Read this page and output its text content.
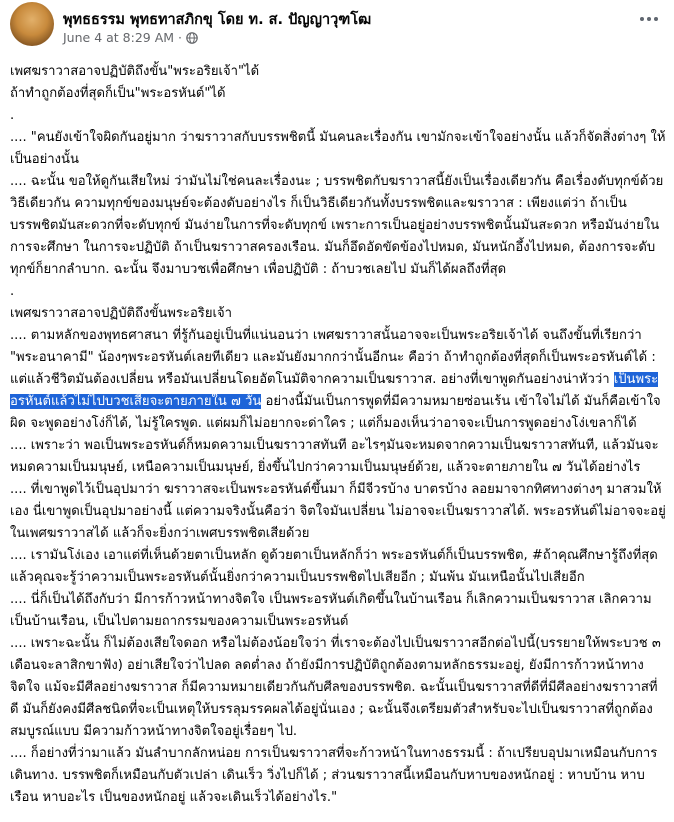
พุทธธรรม พุทธทาสภิกขุ โดย ท. ส. ปัญญาวุฑโฒ
June 4 at 8:29 AM ·

เพศฆราวาสอาจปฏิบัติถึงขั้น"พระอริยเจ้า"ได้

ถ้าทำถูกต้องที่สุดก็เป็น"พระอรหันต์"ได้

.

.... "คนยังเข้าใจผิดกันอยู่มาก ว่าฆราวาสกับบรรพชิตนี้ มันคนละเรื่องกัน เขามักจะเข้าใจอย่างนั้น แล้วก็จัดสิ่งต่างๆ ให้เป็นอย่างนั้น

.... ฉะนั้น ขอให้ดูกันเสียใหม่ ว่ามันไม่ใช่คนละเรื่องนะ ; บรรพชิตกับฆราวาสนี้ยังเป็นเรื่องเดียวกัน คือเรื่องดับทุกข์ด้วยวิธีเดียวกัน ความทุกข์ของมนุษย์จะต้องดับอย่างไร ก็เป็นวิธีเดียวกันทั้งบรรพชิตและฆราวาส : เพียงแต่ว่า ถ้าเป็นบรรพชิตมันสะดวกที่จะดับทุกข์ มันง่ายในการที่จะดับทุกข์ เพราะการเป็นอยู่อย่างบรรพชิตนั้นมันสะดวก หรือมันง่ายในการจะศึกษา ในการจะปฏิบัติ ถ้าเป็นฆราวาสครองเรือน. มันก็อึดอัดขัดข้องไปหมด, มันหนักอึ้งไปหมด, ต้องการจะดับทุกข์ก็ยากลำบาก. ฉะนั้น จึงมาบวชเพื่อศึกษา เพื่อปฏิบัติ : ถ้าบวชเลยไป มันก็ได้ผลถึงที่สุด

.

เพศฆราวาสอาจปฏิบัติถึงขั้นพระอริยเจ้า

.... ตามหลักของพุทธศาสนา ที่รู้กันอยู่เป็นที่แน่นอนว่า เพศฆราวาสนั้นอาจจะเป็นพระอริยเจ้าได้ จนถึงขั้นที่เรียกว่า "พระอนาคามี" น้องๆพระอรหันต์เลยทีเดียว และมันยังมากกว่านั้นอีกนะ คือว่า ถ้าทำถูกต้องที่สุดก็เป็นพระอรหันต์ได้ : แต่แล้วชีวิตมันต้องเปลี่ยน หรือมันเปลี่ยนโดยอัตโนมัติจากความเป็นฆราวาส. อย่างที่เขาพูดกันอย่างน่าหัวว่า เป็นพระอรหันต์แล้วไม่ไปบวชเสียจะตายภายใน ๗ วัน อย่างนี้มันเป็นการพูดที่มีความหมายซ่อนเร้น เข้าใจไม่ได้ มันก็คือเข้าใจผิด จะพูดอย่างโง่ก็ได้, ไม่รู้ใครพูด. แต่ผมก็ไม่อยากจะด่าใคร ; แต่ก็มองเห็นว่าอาจจะเป็นการพูดอย่างโง่เขลาก็ได้

.... เพราะว่า พอเป็นพระอรหันต์ก็หมดความเป็นฆราวาสทันที อะไรๆมันจะหมดจากความเป็นฆราวาสทันที, แล้วมันจะหมดความเป็นมนุษย์, เหนือความเป็นมนุษย์, ยิ่งขึ้นไปกว่าความเป็นมนุษย์ด้วย, แล้วจะตายภายใน ๗ วันได้อย่างไร

.... ที่เขาพูดไว้เป็นอุปมาว่า ฆราวาสจะเป็นพระอรหันต์ขึ้นมา ก็มีจีวรบ้าง บาตรบ้าง ลอยมาจากทิศทางต่างๆ มาสวมให้เอง นี่เขาพูดเป็นอุปมาอย่างนี้ แต่ความจริงนั้นคือว่า จิตใจมันเปลี่ยน ไม่อาจจะเป็นฆราวาสได้. พระอรหันต์ไม่อาจจะอยู่ในเพศฆราวาสได้ แล้วก็จะยิ่งกว่าเพศบรรพชิตเสียด้วย

.... เรามันโง่เอง เอาแต่ที่เห็นด้วยตาเป็นหลัก ดูด้วยตาเป็นหลักก็ว่า พระอรหันต์ก็เป็นบรรพชิต, #ถ้าคุณศึกษารู้ถึงที่สุดแล้วคุณจะรู้ว่าความเป็นพระอรหันต์นั้นยิ่งกว่าความเป็นบรรพชิตไปเสียอีก ; มันพ้น มันเหนือนั้นไปเสียอีก

.... นี่ก็เป็นได้ถึงกับว่า มีการก้าวหน้าทางจิตใจ เป็นพระอรหันต์เกิดขึ้นในบ้านเรือน ก็เลิกความเป็นฆราวาส เลิกความเป็นบ้านเรือน, เป็นไปตามยถากรรมของความเป็นพระอรหันต์

.... เพราะฉะนั้น ก็ไม่ต้องเสียใจดอก หรือไม่ต้องน้อยใจว่า ที่เราจะต้องไปเป็นฆราวาสอีกต่อไปนี้(บรรยายให้พระบวช ๓ เดือนจะลาสิกขาฟัง) อย่าเสียใจว่าไปลด ลดต่ำลง ถ้ายังมีการปฏิบัติถูกต้องตามหลักธรรมะอยู่, ยังมีการก้าวหน้าทางจิตใจ แม้จะมีศีลอย่างฆราวาส ก็มีความหมายเดียวกันกับศีลของบรรพชิต. ฉะนั้นเป็นฆราวาสที่ดีที่มีศีลอย่างฆราวาสที่ดี มันก็ยังคงมีศีลชนิดที่จะเป็นเหตุให้บรรลุมรรคผลได้อยู่นั่นเอง ; ฉะนั้นจึงเตรียมตัวสำหรับจะไปเป็นฆราวาสที่ถูกต้องสมบูรณ์แบบ มีความก้าวหน้าทางจิตใจอยู่เรื่อยๆ ไป.

.... ก็อย่างที่ว่ามาแล้ว มันลำบากลักหน่อย การเป็นฆราวาสที่จะก้าวหน้าในทางธรรมนี้ : ถ้าเปรียบอุปมาเหมือนกับการเดินทาง. บรรพชิตก็เหมือนกับตัวเปล่า เดินเร็ว วิ่งไปก็ได้ ; ส่วนฆราวาสนี้เหมือนกับหาบของหนักอยู่ : หาบบ้าน หาบเรือน หาบอะไร เป็นของหนักอยู่ แล้วจะเดินเร็วได้อย่างไร."
